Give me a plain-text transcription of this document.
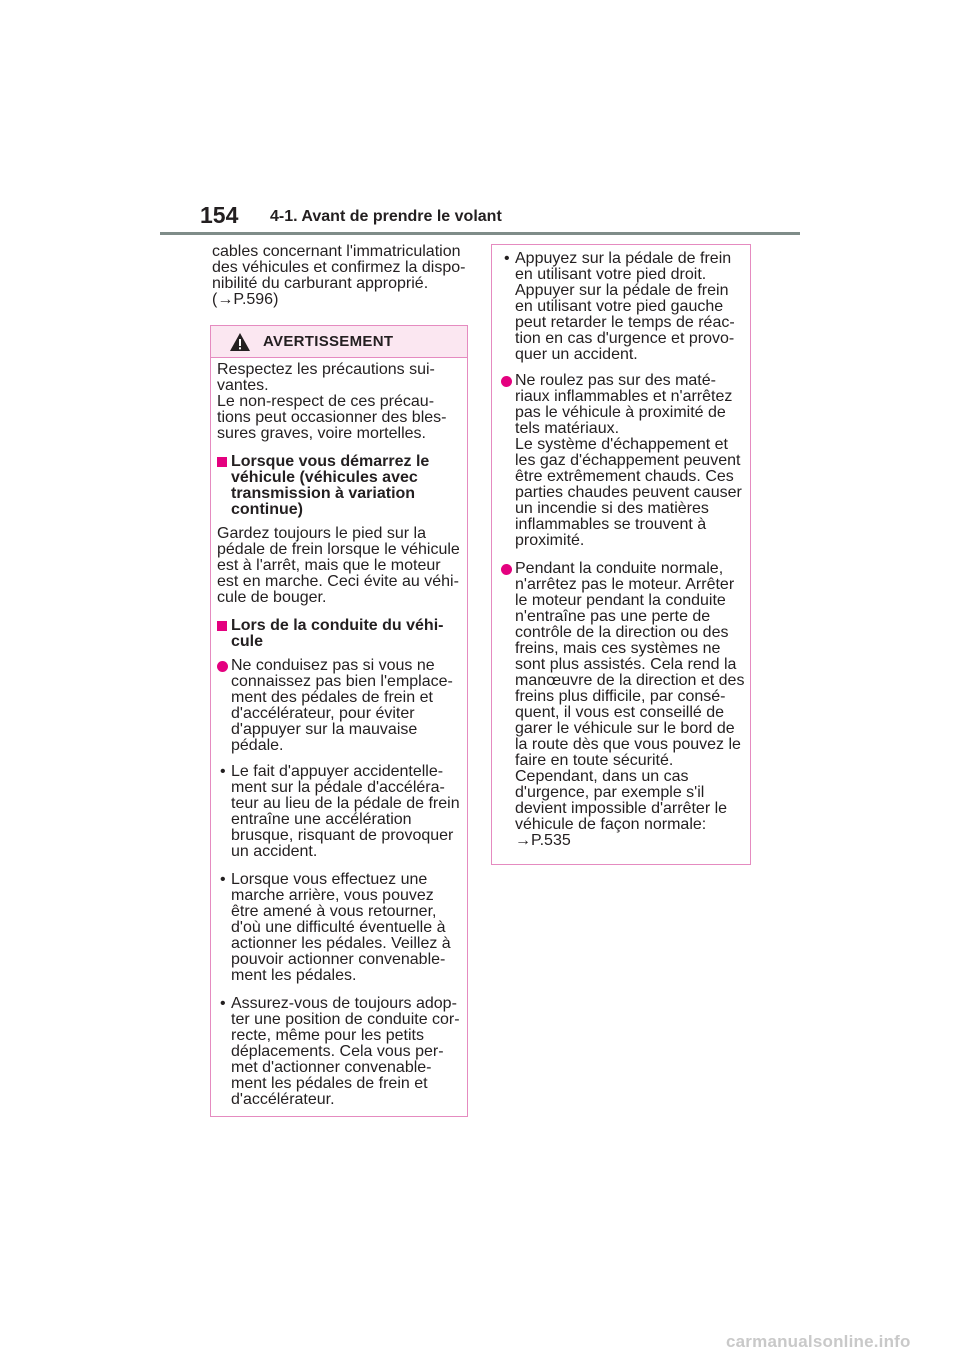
154 4-1. Avant de prendre le volant
cables concernant l'immatriculation
des véhicules et confirmez la dispo-
nibilité du carburant approprié.
(→P.596)
AVERTISSEMENT
Respectez les précautions sui-
vantes.
Le non-respect de ces précau-
tions peut occasionner des bles-
sures graves, voire mortelles.
Lorsque vous démarrez le
véhicule (véhicules avec
transmission à variation
continue)
Gardez toujours le pied sur la
pédale de frein lorsque le véhicule
est à l'arrêt, mais que le moteur
est en marche. Ceci évite au véhi-
cule de bouger.
Lors de la conduite du véhi-
cule
Ne conduisez pas si vous ne
connaissez pas bien l'emplace-
ment des pédales de frein et
d'accélérateur, pour éviter
d'appuyer sur la mauvaise
pédale.
• Le fait d'appuyer accidentelle-
ment sur la pédale d'accéléra-
teur au lieu de la pédale de frein
entraîne une accélération
brusque, risquant de provoquer
un accident.
• Lorsque vous effectuez une
marche arrière, vous pouvez
être amené à vous retourner,
d'où une difficulté éventuelle à
actionner les pédales. Veillez à
pouvoir actionner convenable-
ment les pédales.
• Assurez-vous de toujours adop-
ter une position de conduite cor-
recte, même pour les petits
déplacements. Cela vous per-
met d'actionner convenable-
ment les pédales de frein et
d'accélérateur.
• Appuyez sur la pédale de frein
en utilisant votre pied droit.
Appuyer sur la pédale de frein
en utilisant votre pied gauche
peut retarder le temps de réac-
tion en cas d'urgence et provo-
quer un accident.
Ne roulez pas sur des maté-
riaux inflammables et n'arrêtez
pas le véhicule à proximité de
tels matériaux.
Le système d'échappement et
les gaz d'échappement peuvent
être extrêmement chauds. Ces
parties chaudes peuvent causer
un incendie si des matières
inflammables se trouvent à
proximité.
Pendant la conduite normale,
n'arrêtez pas le moteur. Arrêter
le moteur pendant la conduite
n'entraîne pas une perte de
contrôle de la direction ou des
freins, mais ces systèmes ne
sont plus assistés. Cela rend la
manœuvre de la direction et des
freins plus difficile, par consé-
quent, il vous est conseillé de
garer le véhicule sur le bord de
la route dès que vous pouvez le
faire en toute sécurité.
Cependant, dans un cas
d'urgence, par exemple s'il
devient impossible d'arrêter le
véhicule de façon normale:
→P.535
carmanualsonline.info
